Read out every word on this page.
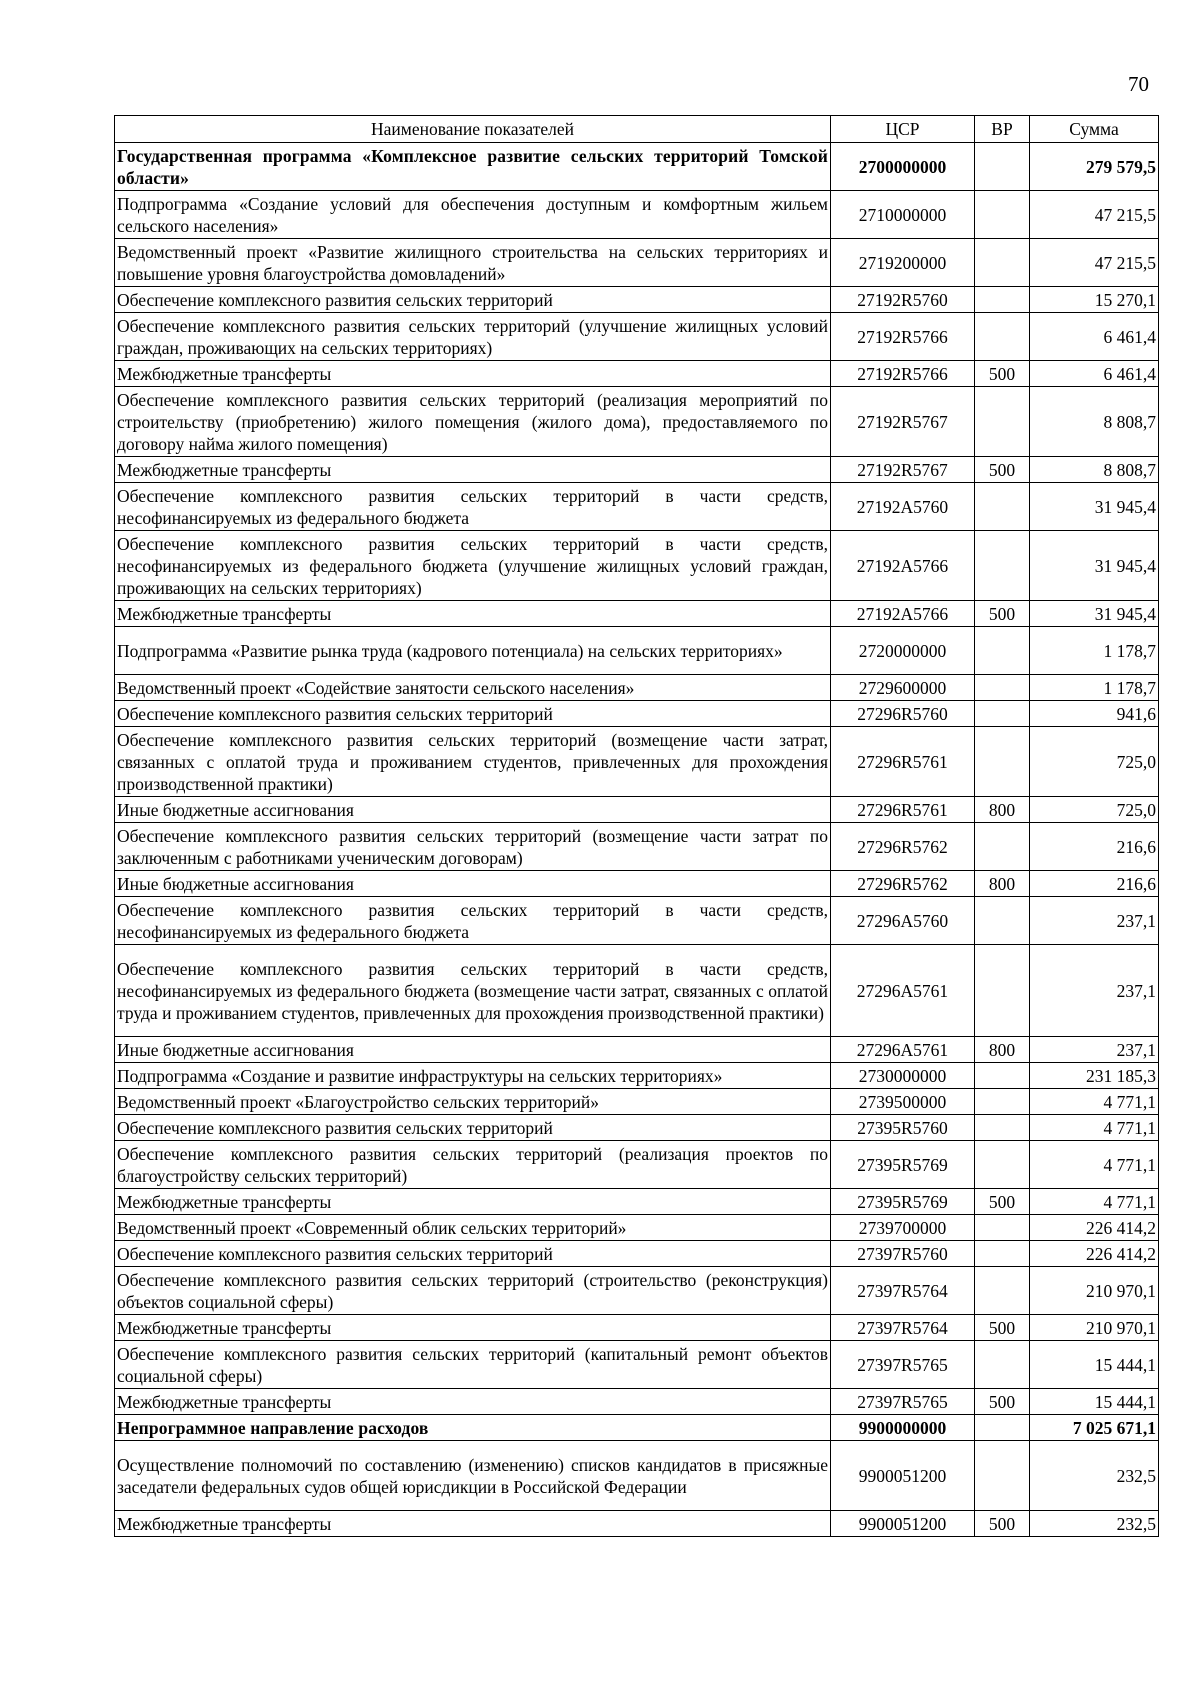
70
Наименование показателей	ЦСР	ВР	Сумма
Государственная программа «Комплексное развитие сельских территорий Томской области»	2700000000		279 579,5
Подпрограмма «Создание условий для обеспечения доступным и комфортным жильем сельского населения»	2710000000		47 215,5
Ведомственный проект «Развитие жилищного строительства на сельских территориях и повышение уровня благоустройства домовладений»	2719200000		47 215,5
Обеспечение комплексного развития сельских территорий	27192R5760		15 270,1
Обеспечение комплексного развития сельских территорий (улучшение жилищных условий граждан, проживающих на сельских территориях)	27192R5766		6 461,4
Межбюджетные трансферты	27192R5766	500	6 461,4
Обеспечение комплексного развития сельских территорий (реализация мероприятий по строительству (приобретению) жилого помещения (жилого дома), предоставляемого по договору найма жилого помещения)	27192R5767		8 808,7
Межбюджетные трансферты	27192R5767	500	8 808,7
Обеспечение комплексного развития сельских территорий в части средств, несофинансируемых из федерального бюджета	27192A5760		31 945,4
Обеспечение комплексного развития сельских территорий в части средств, несофинансируемых из федерального бюджета (улучшение жилищных условий граждан, проживающих на сельских территориях)	27192A5766		31 945,4
Межбюджетные трансферты	27192A5766	500	31 945,4
Подпрограмма «Развитие рынка труда (кадрового потенциала) на сельских территориях»	2720000000		1 178,7
Ведомственный проект «Содействие занятости сельского населения»	2729600000		1 178,7
Обеспечение комплексного развития сельских территорий	27296R5760		941,6
Обеспечение комплексного развития сельских территорий (возмещение части затрат, связанных с оплатой труда и проживанием студентов, привлеченных для прохождения производственной практики)	27296R5761		725,0
Иные бюджетные ассигнования	27296R5761	800	725,0
Обеспечение комплексного развития сельских территорий (возмещение части затрат по заключенным с работниками ученическим договорам)	27296R5762		216,6
Иные бюджетные ассигнования	27296R5762	800	216,6
Обеспечение комплексного развития сельских территорий в части средств, несофинансируемых из федерального бюджета	27296A5760		237,1
Обеспечение комплексного развития сельских территорий в части средств, несофинансируемых из федерального бюджета (возмещение части затрат, связанных с оплатой труда и проживанием студентов, привлеченных для прохождения производственной практики)	27296A5761		237,1
Иные бюджетные ассигнования	27296A5761	800	237,1
Подпрограмма «Создание и развитие инфраструктуры на сельских территориях»	2730000000		231 185,3
Ведомственный проект «Благоустройство сельских территорий»	2739500000		4 771,1
Обеспечение комплексного развития сельских территорий	27395R5760		4 771,1
Обеспечение комплексного развития сельских территорий (реализация проектов по благоустройству сельских территорий)	27395R5769		4 771,1
Межбюджетные трансферты	27395R5769	500	4 771,1
Ведомственный проект «Современный облик сельских территорий»	2739700000		226 414,2
Обеспечение комплексного развития сельских территорий	27397R5760		226 414,2
Обеспечение комплексного развития сельских территорий (строительство (реконструкция) объектов социальной сферы)	27397R5764		210 970,1
Межбюджетные трансферты	27397R5764	500	210 970,1
Обеспечение комплексного развития сельских территорий (капитальный ремонт объектов социальной сферы)	27397R5765		15 444,1
Межбюджетные трансферты	27397R5765	500	15 444,1
Непрограммное направление расходов	9900000000		7 025 671,1
Осуществление полномочий по составлению (изменению) списков кандидатов в присяжные заседатели федеральных судов общей юрисдикции в Российской Федерации	9900051200		232,5
Межбюджетные трансферты	9900051200	500	232,5
